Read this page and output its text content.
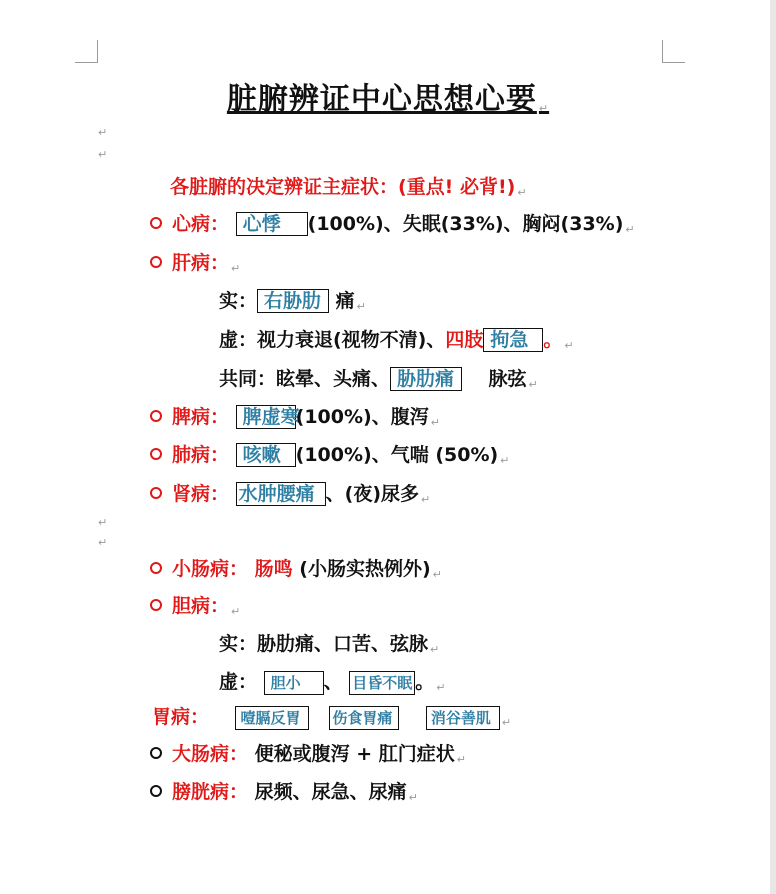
脏腑辨证中心思想心要 ↵
↵
↵
各脏腑的决定辨证主症状：(重点! 必背!) ↵
心病： 心悸 (100%)、失眠(33%)、胸闷(33%) ↵
肝病： ↵
实： 右胁肋 痛 ↵
虚：视力衰退(视物不清)、四肢 拘急 。 ↵
共同：眩晕、头痛、 胁肋痛 脉弦 ↵
脾病： 脾虚寒(100%)、腹泻 ↵
肺病： 咳嗽 (100%)、气喘 (50%) ↵
肾病： 水肿腰痛 、(夜)尿多 ↵
↵
↵
小肠病： 肠鸣 (小肠实热例外) ↵
胆病： ↵
实：胁肋痛、口苦、弦脉 ↵
虚： 胆小 、 目昏不眠 。 ↵
胃病： 噎膈反胃 伤食胃痛	消谷善肌 ↵
大肠病： 便秘或腹泻 + 肛门症状 ↵
膀胱病： 尿频、尿急、尿痛 ↵
